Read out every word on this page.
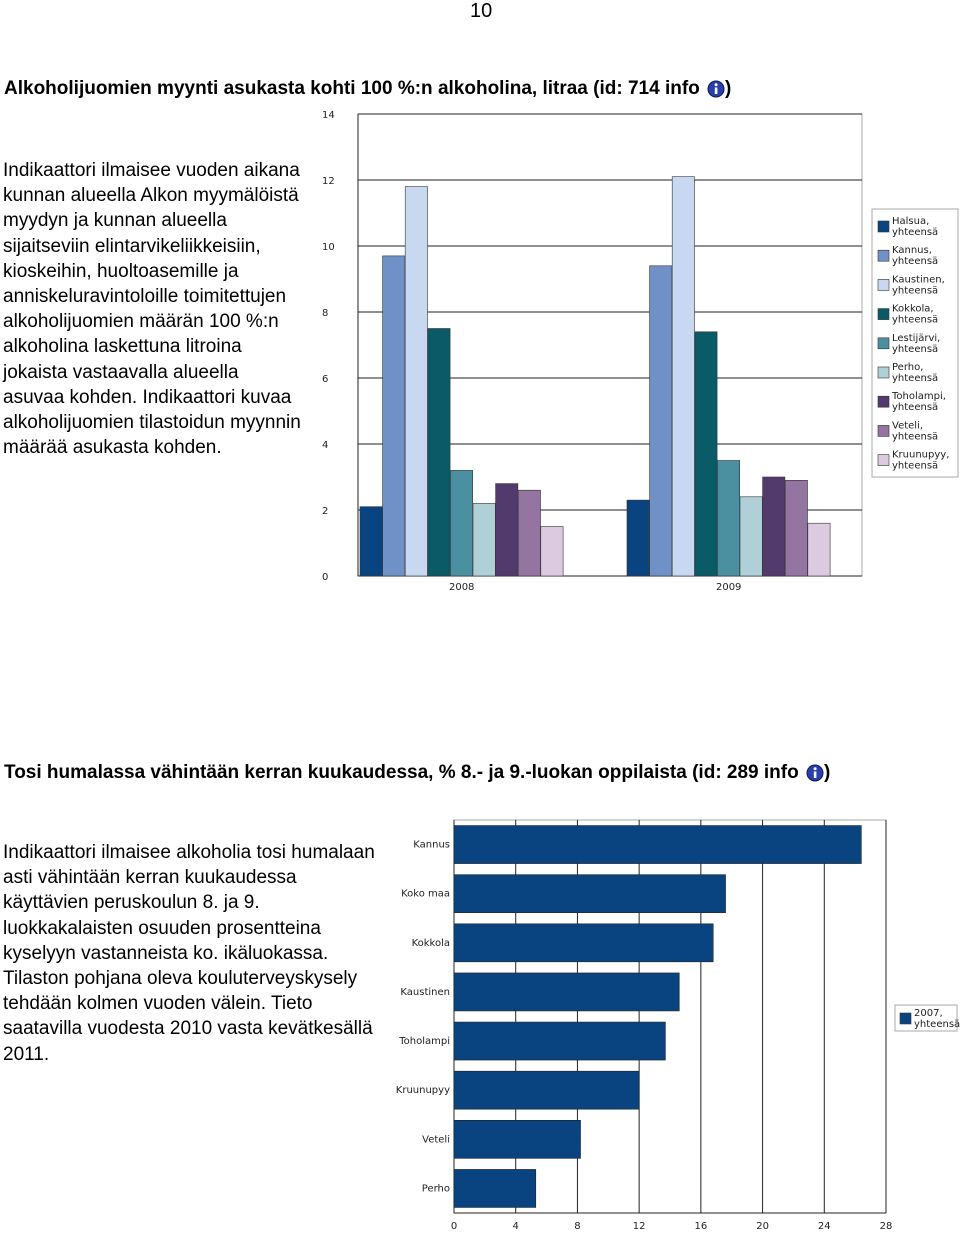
10
Alkoholijuomien myynti asukasta kohti 100 %:n alkoholina, litraa (id: 714 info )
Indikaattori ilmaisee vuoden aikana kunnan alueella Alkon myymälöistä myydyn ja kunnan alueella sijaitseviin elintarvikeliikkeisiin, kioskeihin, huoltoasemille ja anniskeluravintoloille toimitettujen alkoholijuomien määrän 100 %:n alkoholina laskettuna litroina jokaista vastaavalla alueella asuvaa kohden. Indikaattori kuvaa alkoholijuomien tilastoidun myynnin määrää asukasta kohden.
0
2
4
6
8
10
12
14
2008	2009
Halsua,
yhteensä
Kannus,
yhteensä
Kaustinen,
yhteensä
Kokkola,
yhteensä
Lestijärvi,
yhteensä
Perho,
yhteensä
Toholampi,
yhteensä
Veteli,
yhteensä
Kruunupyy,
yhteensä
Tosi humalassa vähintään kerran kuukaudessa, % 8.- ja 9.-luokan oppilaista (id: 289 info )
Indikaattori ilmaisee alkoholia tosi humalaan asti vähintään kerran kuukaudessa käyttävien peruskoulun 8. ja 9. luokkakalaisten osuuden prosentteina kyselyyn vastanneista ko. ikäluokassa. Tilaston pohjana oleva kouluterveyskysely tehdään kolmen vuoden välein. Tieto saatavilla vuodesta 2010 vasta kevätkesällä 2011.
0	4	8	12	16	20	24	28
Kannus
Koko maa
Kokkola
Kaustinen
Toholampi
Kruunupyy
Veteli
Perho
2007,
yhteensä
